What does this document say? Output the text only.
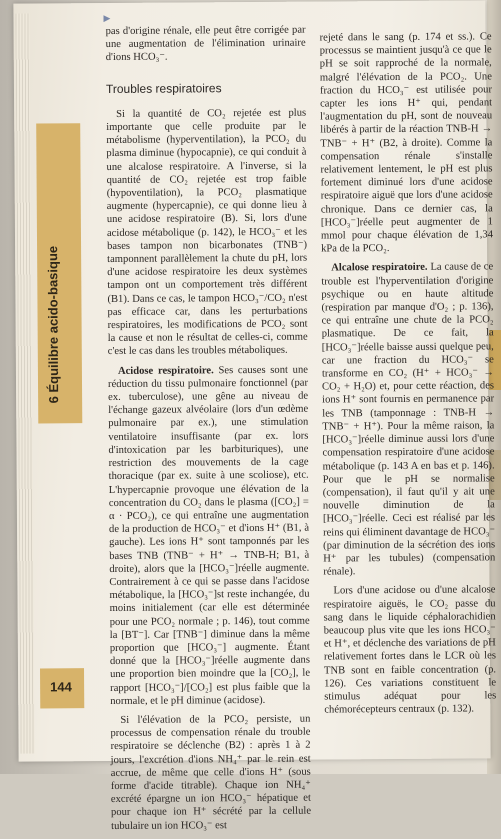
▶
6 Équilibre acido-basique
144

pas d'origine rénale, elle peut être corrigée par une augmentation de l'élimination urinaire d'ions HCO₃⁻.

Troubles respiratoires

Si la quantité de CO₂ rejetée est plus importante que celle produite par le métabolisme (hyperventilation), la PCO₂ du plasma diminue (hypocapnie), ce qui conduit à une alcalose respiratoire. A l'inverse, si la quantité de CO₂ rejetée est trop faible (hypoventilation), la PCO₂ plasmatique augmente (hypercapnie), ce qui donne lieu à une acidose respiratoire (B). Si, lors d'une acidose métabolique (p. 142), le HCO₃⁻ et les bases tampon non bicarbonates (TNB⁻) tamponnent parallèlement la chute du pH, lors d'une acidose respiratoire les deux systèmes tampon ont un comportement très différent (B1). Dans ce cas, le tampon HCO₃⁻/CO₂ n'est pas efficace car, dans les perturbations respiratoires, les modifications de PCO₂ sont la cause et non le résultat de celles-ci, comme c'est le cas dans les troubles métaboliques.

Acidose respiratoire. Ses causes sont une réduction du tissu pulmonaire fonctionnel (par ex. tuberculose), une gêne au niveau de l'échange gazeux alvéolaire (lors d'un œdème pulmonaire par ex.), une stimulation ventilatoire insuffisante (par ex. lors d'intoxication par les barbituriques), une restriction des mouvements de la cage thoracique (par ex. suite à une scoliose), etc. L'hypercapnie provoque une élévation de la concentration du CO₂ dans le plasma ([CO₂] = α · PCO₂), ce qui entraîne une augmentation de la production de HCO₃⁻ et d'ions H⁺ (B1, à gauche). Les ions H⁺ sont tamponnés par les bases TNB (TNB⁻ + H⁺ → TNB-H; B1, à droite), alors que la [HCO₃⁻]réelle augmente. Contrairement à ce qui se passe dans l'acidose métabolique, la [HCO₃⁻]st reste inchangée, du moins initialement (car elle est déterminée pour une PCO₂ normale ; p. 146), tout comme la [BT⁻]. Car [TNB⁻] diminue dans la même proportion que [HCO₃⁻] augmente. Étant donné que la [HCO₃⁻]réelle augmente dans une proportion bien moindre que la [CO₂], le rapport [HCO₃⁻]/[CO₂] est plus faible que la normale, et le pH diminue (acidose).

Si l'élévation de la PCO₂ persiste, un processus de compensation rénale du trouble respiratoire se déclenche (B2) : après 1 à 2 jours, l'excrétion d'ions NH₄⁺ par le rein est accrue, de même que celle d'ions H⁺ (sous forme d'acide titrable). Chaque ion NH₄⁺ excrété épargne un ion HCO₃⁻ hépatique et pour chaque ion H⁺ sécrété par la cellule tubulaire un ion HCO₃⁻ est

rejeté dans le sang (p. 174 et ss.). Ce processus se maintient jusqu'à ce que le pH se soit rapproché de la normale, malgré l'élévation de la PCO₂. Une fraction du HCO₃⁻ est utilisée pour capter les ions H⁺ qui, pendant l'augmentation du pH, sont de nouveau libérés à partir de la réaction TNB-H → TNB⁻ + H⁺ (B2, à droite). Comme la compensation rénale s'installe relativement lentement, le pH est plus fortement diminué lors d'une acidose respiratoire aiguë que lors d'une acidose chronique. Dans ce dernier cas, la [HCO₃⁻]réelle peut augmenter de 1 mmol pour chaque élévation de 1,34 kPa de la PCO₂.

Alcalose respiratoire. La cause de ce trouble est l'hyperventilation d'origine psychique ou en haute altitude (respiration par manque d'O₂ ; p. 136), ce qui entraîne une chute de la PCO₂ plasmatique. De ce fait, la [HCO₃⁻]réelle baisse aussi quelque peu, car une fraction du HCO₃⁻ se transforme en CO₂ (H⁺ + HCO₃⁻ → CO₂ + H₂O) et, pour cette réaction, des ions H⁺ sont fournis en permanence par les TNB (tamponnage : TNB-H → TNB⁻ + H⁺). Pour la même raison, la [HCO₃⁻]réelle diminue aussi lors d'une compensation respiratoire d'une acidose métabolique (p. 143 A en bas et p. 146). Pour que le pH se normalise (compensation), il faut qu'il y ait une nouvelle diminution de la [HCO₃⁻]réelle. Ceci est réalisé par les reins qui éliminent davantage de HCO₃⁻ (par diminution de la sécrétion des ions H⁺ par les tubules) (compensation rénale).

Lors d'une acidose ou d'une alcalose respiratoire aiguës, le CO₂ passe du sang dans le liquide céphalorachidien beaucoup plus vite que les ions HCO₃⁻ et H⁺, et déclenche des variations de pH relativement fortes dans le LCR où les TNB sont en faible concentration (p. 126). Ces variations constituent le stimulus adéquat pour les chémorécepteurs centraux (p. 132).
